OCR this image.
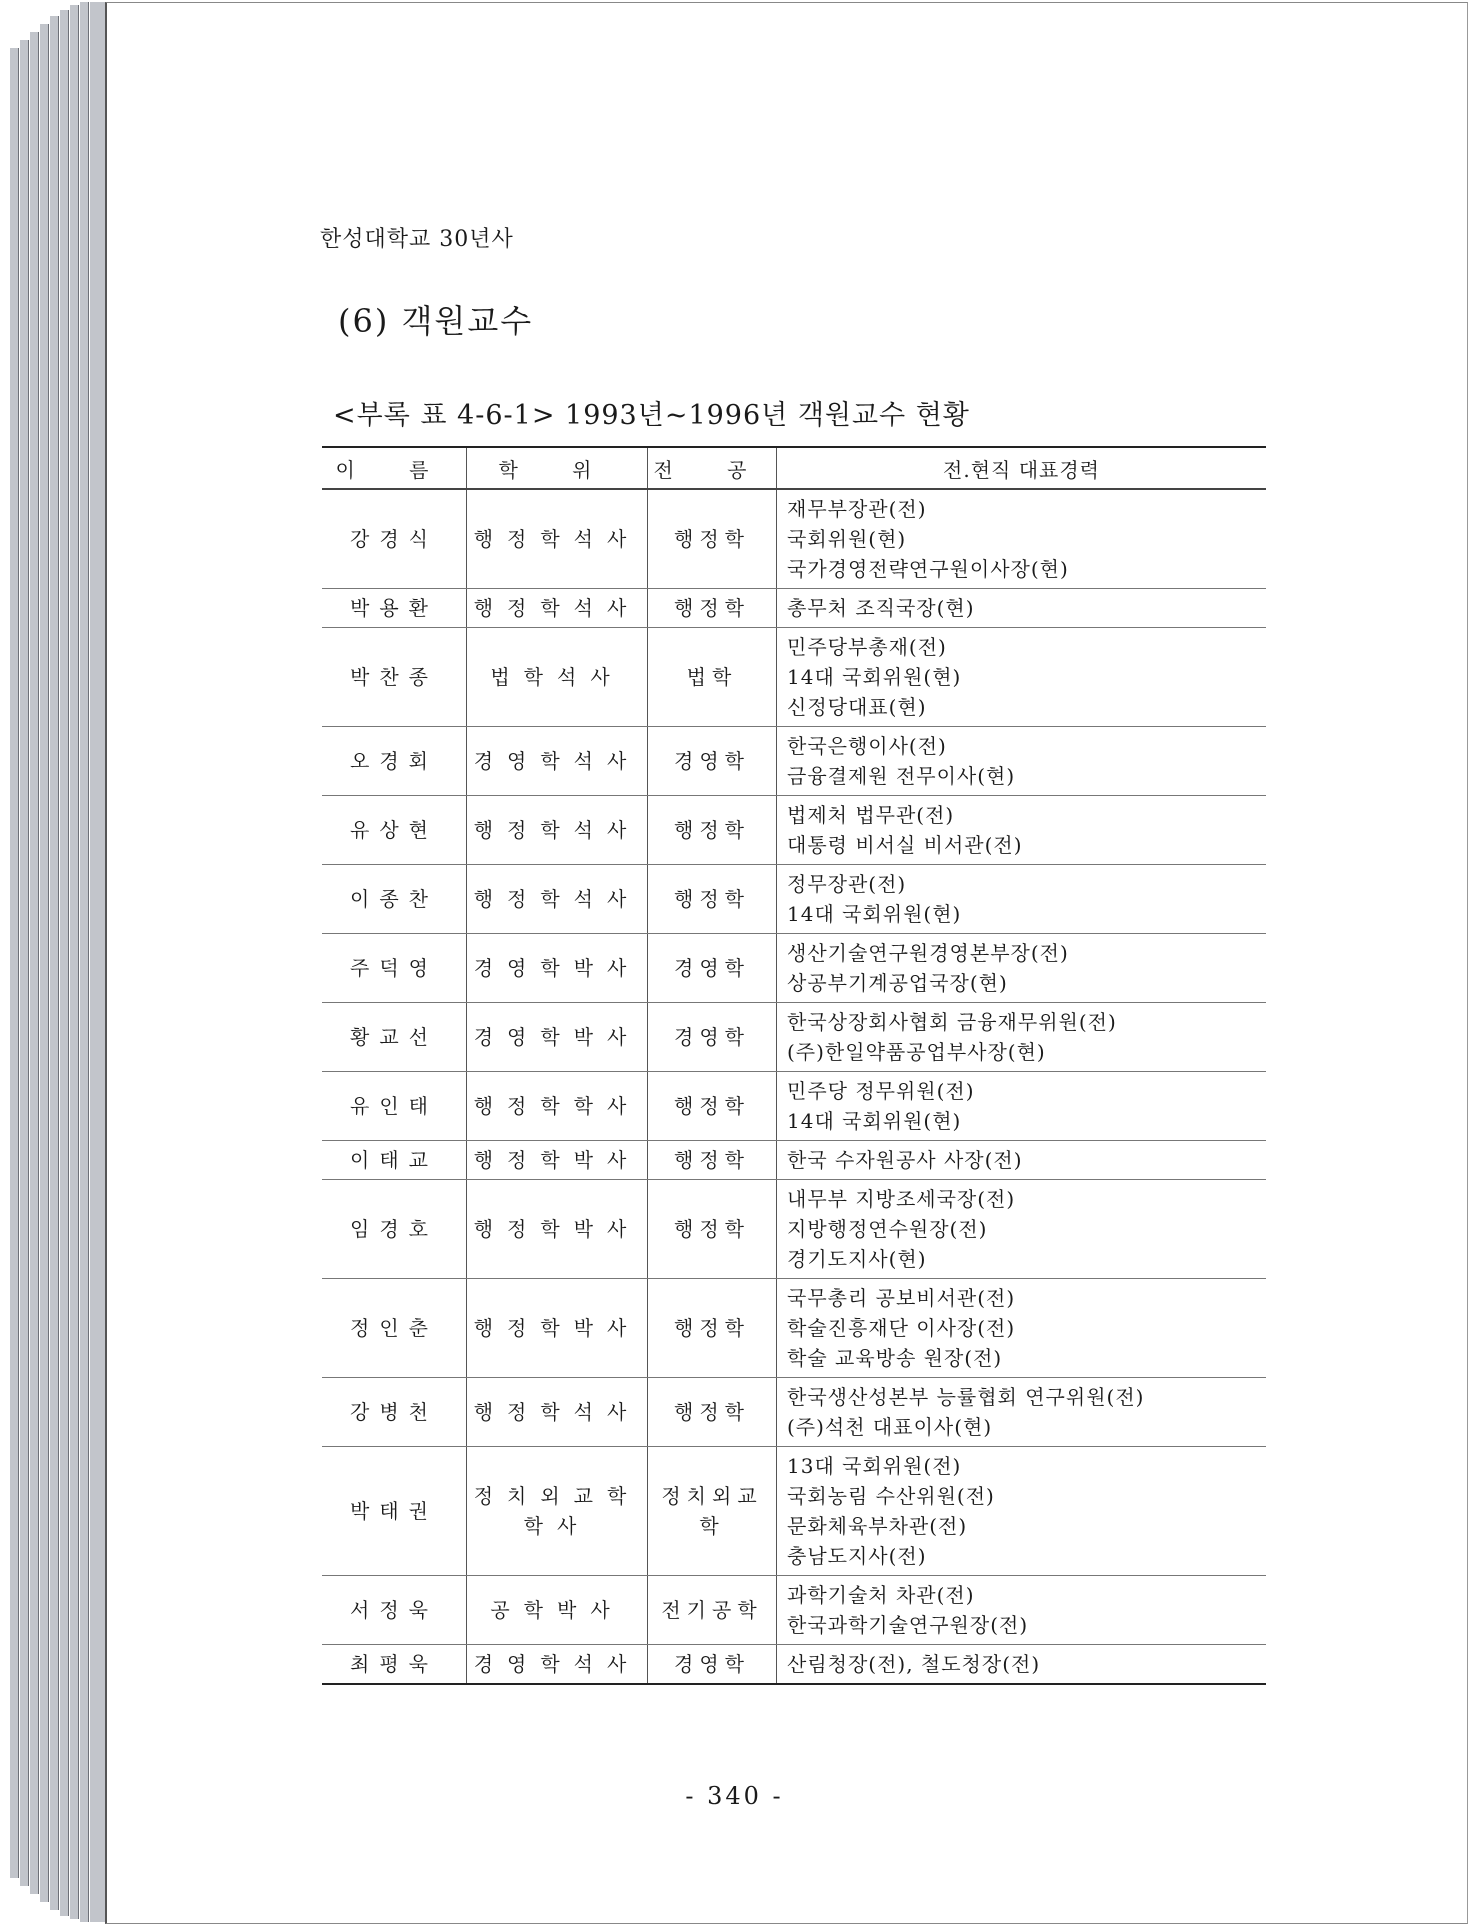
한성대학교 30년사
(6) 객원교수
<부록 표 4-6-1> 1993년~1996년 객원교수 현황
이 름	학 위	전 공	전.현직 대표경력
강경식	행정학석사	행정학	재무부장관(전)
국회위원(현)
국가경영전략연구원이사장(현)

박용환	행정학석사	행정학	총무처 조직국장(현)

박찬종	법학석사	법학	민주당부총재(전)
14대 국회위원(현)
신정당대표(현)

오경회	경영학석사	경영학	한국은행이사(전)
금융결제원 전무이사(현)

유상현	행정학석사	행정학	법제처 법무관(전)
대통령 비서실 비서관(전)

이종찬	행정학석사	행정학	정무장관(전)
14대 국회위원(현)

주덕영	경영학박사	경영학	생산기술연구원경영본부장(전)
상공부기계공업국장(현)

황교선	경영학박사	경영학	한국상장회사협회 금융재무위원(전)
(주)한일약품공업부사장(현)

유인태	행정학학사	행정학	민주당 정무위원(전)
14대 국회위원(현)

이태교	행정학박사	행정학	한국 수자원공사 사장(전)

임경호	행정학박사	행정학	내무부 지방조세국장(전)
지방행정연수원장(전)
경기도지사(현)

정인춘	행정학박사	행정학	국무총리 공보비서관(전)
학술진흥재단 이사장(전)
학술 교육방송 원장(전)

강병천	행정학석사	행정학	한국생산성본부 능률협회 연구위원(전)
(주)석천 대표이사(현)

박태권	정치외교학학사	정치외교학	13대 국회위원(전)
국회농림 수산위원(전)
문화체육부차관(전)
충남도지사(전)

서정욱	공학박사	전기공학	과학기술처 차관(전)
한국과학기술연구원장(전)

최평욱	경영학석사	경영학	산림청장(전), 철도청장(전)
- 340 -
